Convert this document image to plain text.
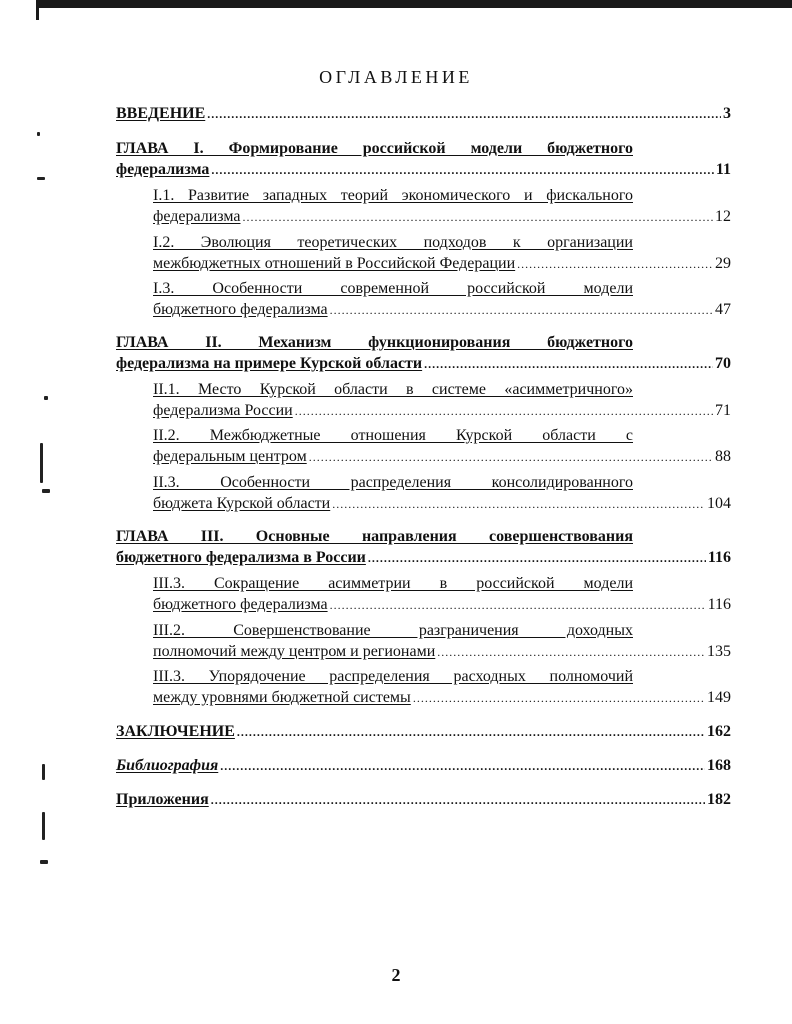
ОГЛАВЛЕНИЕ
ВВЕДЕНИЕ .....	3
ГЛАВА I. Формирование российской модели бюджетного
федерализма .....	11
I.1. Развитие западных теорий экономического и фискального
федерализма .....	12
I.2. Эволюция теоретических подходов к организации
межбюджетных отношений в Российской Федерации .....	29
I.3. Особенности современной российской модели
бюджетного федерализма .....	47
ГЛАВА II. Механизм функционирования бюджетного
федерализма на примере Курской области .....	70
II.1. Место Курской области в системе «асимметричного»
федерализма России .....	71
II.2. Межбюджетные отношения Курской области с
федеральным центром .....	88
II.3. Особенности распределения консолидированного
бюджета Курской области .....	104
ГЛАВА III. Основные направления совершенствования
бюджетного федерализма в России .....	116
III.3. Сокращение асимметрии в российской модели
бюджетного федерализма .....	116
III.2. Совершенствование разграничения доходных
полномочий между центром и регионами .....	135
III.3. Упорядочение распределения расходных полномочий
между уровнями бюджетной системы .....	149
ЗАКЛЮЧЕНИЕ .....	162
Библиография .....	168
Приложения .....	182
2
